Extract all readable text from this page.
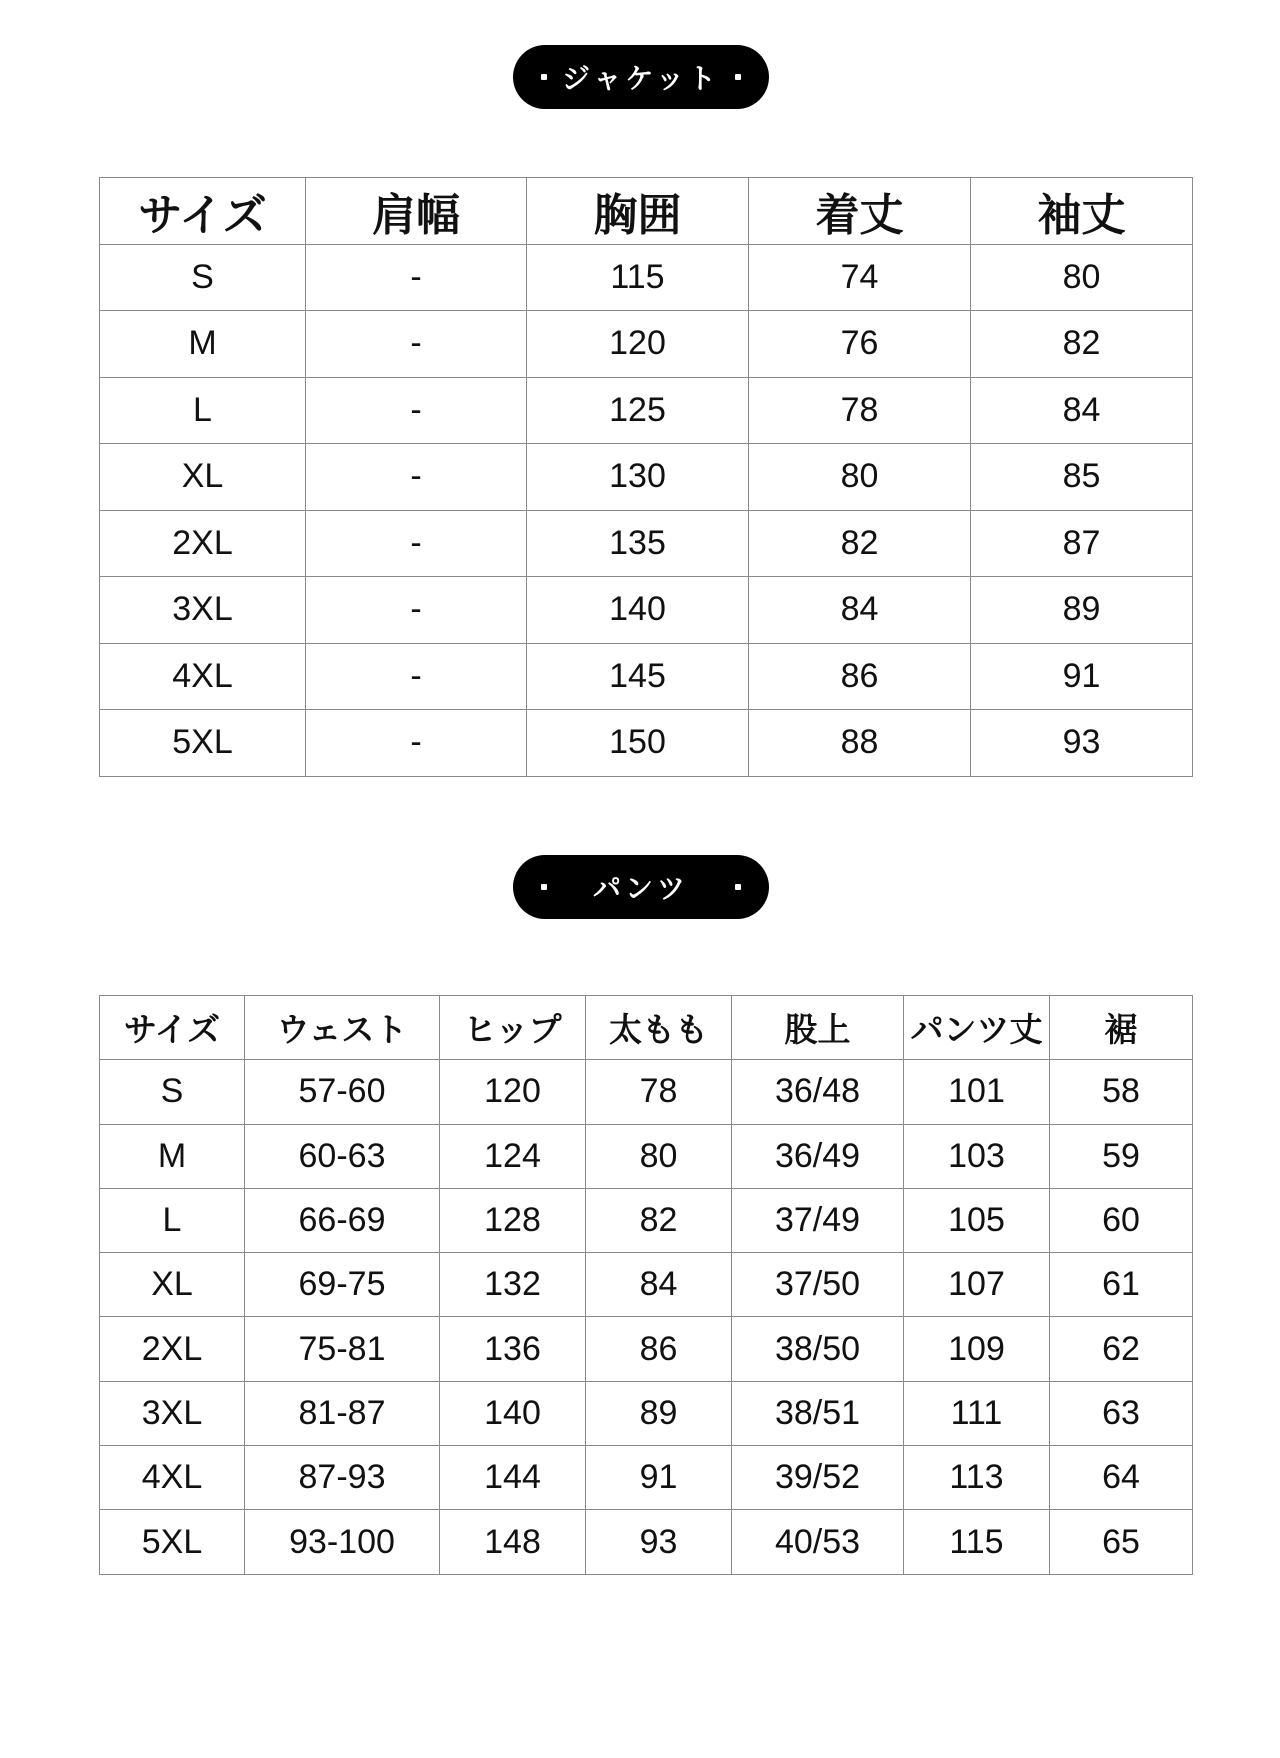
ジャケット
サイズ	肩幅	胸囲	着丈	袖丈
S	-	115	74	80
M	-	120	76	82
L	-	125	78	84
XL	-	130	80	85
2XL	-	135	82	87
3XL	-	140	84	89
4XL	-	145	86	91
5XL	-	150	88	93
パンツ
サイズ	ウェスト	ヒップ	太もも	股上	パンツ丈	裾
S	57-60	120	78	36/48	101	58
M	60-63	124	80	36/49	103	59
L	66-69	128	82	37/49	105	60
XL	69-75	132	84	37/50	107	61
2XL	75-81	136	86	38/50	109	62
3XL	81-87	140	89	38/51	111	63
4XL	87-93	144	91	39/52	113	64
5XL	93-100	148	93	40/53	115	65
